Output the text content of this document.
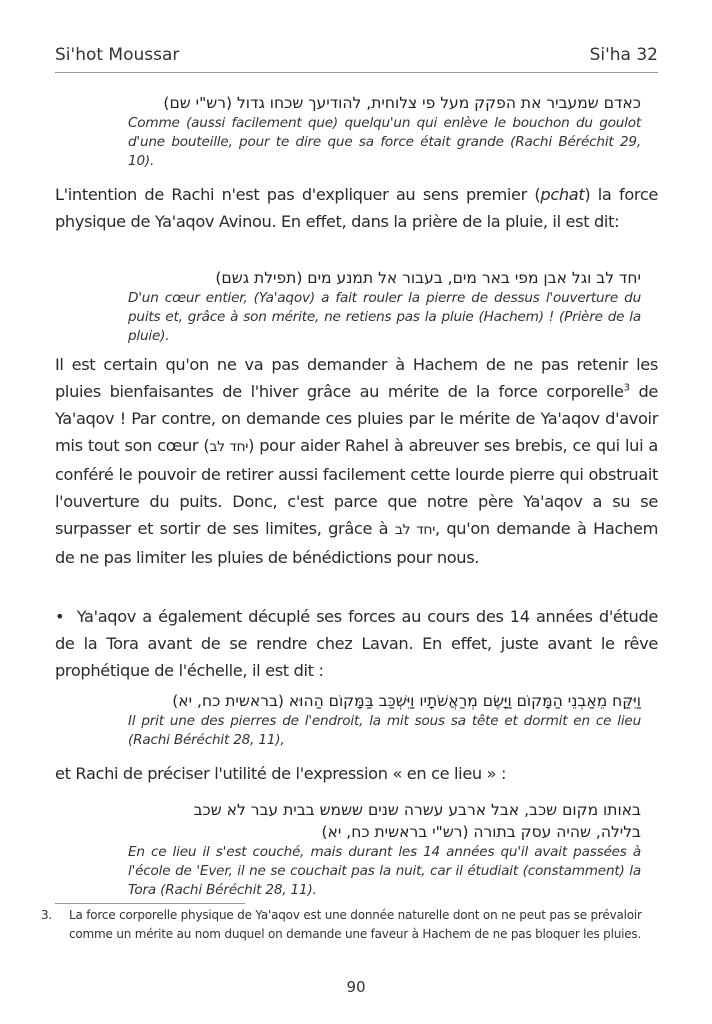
Si'hot Moussar	Si'ha 32
כאדם שמעביר את הפקק מעל פי צלוחית, להודיעך שכחו גדול (רש"י שם)
Comme (aussi facilement que) quelqu'un qui enlève le bouchon du goulot d'une bouteille, pour te dire que sa force était grande (Rachi Béréchit 29, 10).
L'intention de Rachi n'est pas d'expliquer au sens premier (pchat) la force physique de Ya'aqov Avinou. En effet, dans la prière de la pluie, il est dit:
יחד לב וגל אבן מפי באר מים, בעבור אל תמנע מים (תפילת גשם)
D'un cœur entier, (Ya'aqov) a fait rouler la pierre de dessus l'ouverture du puits et, grâce à son mérite, ne retiens pas la pluie (Hachem) ! (Prière de la pluie).
Il est certain qu'on ne va pas demander à Hachem de ne pas retenir les pluies bienfaisantes de l'hiver grâce au mérite de la force corporelle$^3$ de Ya'aqov ! Par contre, on demande ces pluies par le mérite de Ya'aqov d'avoir mis tout son cœur (יחד לב) pour aider Rahel à abreuver ses brebis, ce qui lui a conféré le pouvoir de retirer aussi facilement cette lourde pierre qui obstruait l'ouverture du puits. Donc, c'est parce que notre père Ya'aqov a su se surpasser et sortir de ses limites, grâce à יחד לב, qu'on demande à Hachem de ne pas limiter les pluies de bénédictions pour nous.
• Ya'aqov a également décuplé ses forces au cours des 14 années d'étude de la Tora avant de se rendre chez Lavan. En effet, juste avant le rêve prophétique de l'échelle, il est dit :
וַיִּקַּח מֵאַבְנֵי הַמָּקוֹם וַיָּשֶׂם מְרַאֲשֹׁתָיו וַיִּשְׁכַּב בַּמָּקוֹם הַהוּא (בראשית כח, יא)
Il prit une des pierres de l'endroit, la mit sous sa tête et dormit en ce lieu (Rachi Béréchit 28, 11),
et Rachi de préciser l'utilité de l'expression « en ce lieu » :
באותו מקום שכב, אבל ארבע עשרה שנים ששמש בבית עבר לא שכב
בלילה, שהיה עסק בתורה (רש"י בראשית כח, יא)
En ce lieu il s'est couché, mais durant les 14 années qu'il avait passées à l'école de 'Ever, il ne se couchait pas la nuit, car il étudiait (constamment) la Tora (Rachi Béréchit 28, 11).
3. La force corporelle physique de Ya'aqov est une donnée naturelle dont on ne peut pas se prévaloir comme un mérite au nom duquel on demande une faveur à Hachem de ne pas bloquer les pluies.
90
